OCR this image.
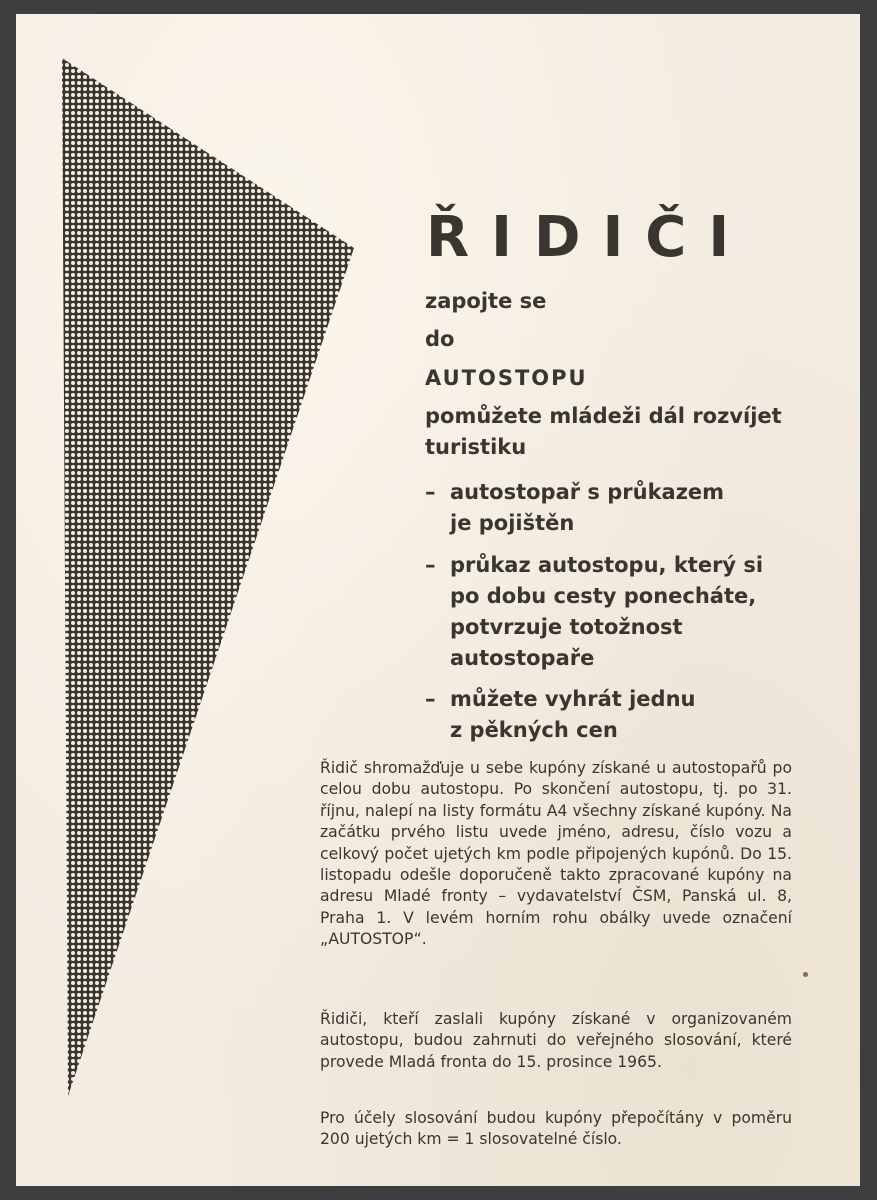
ŘIDIČI
zapojte se
do
AUTOSTOPU
pomůžete mládeži dál rozvíjet
turistiku
– autostopař s průkazem
je pojištěn
– průkaz autostopu, který si
po dobu cesty ponecháte,
potvrzuje totožnost
autostopaře
– můžete vyhrát jednu
z pěkných cen
Řidič shromažďuje u sebe kupóny získané u autostopařů po celou dobu autostopu. Po skončení autostopu, tj. po 31. říjnu, nalepí na listy formátu A4 všechny získané kupóny. Na začátku prvého listu uvede jméno, adresu, číslo vozu a celkový počet ujetých km podle připojených kupónů. Do 15. listopadu odešle doporučeně takto zpracované kupóny na adresu Mladé fronty – vydavatelství ČSM, Panská ul. 8, Praha 1. V levém horním rohu obálky uvede označení „AUTOSTOP“.
Řidiči, kteří zaslali kupóny získané v organizovaném autostopu, budou zahrnuti do veřejného slosování, které provede Mladá fronta do 15. prosince 1965.
Pro účely slosování budou kupóny přepočítány v poměru 200 ujetých km = 1 slosovatelné číslo.
